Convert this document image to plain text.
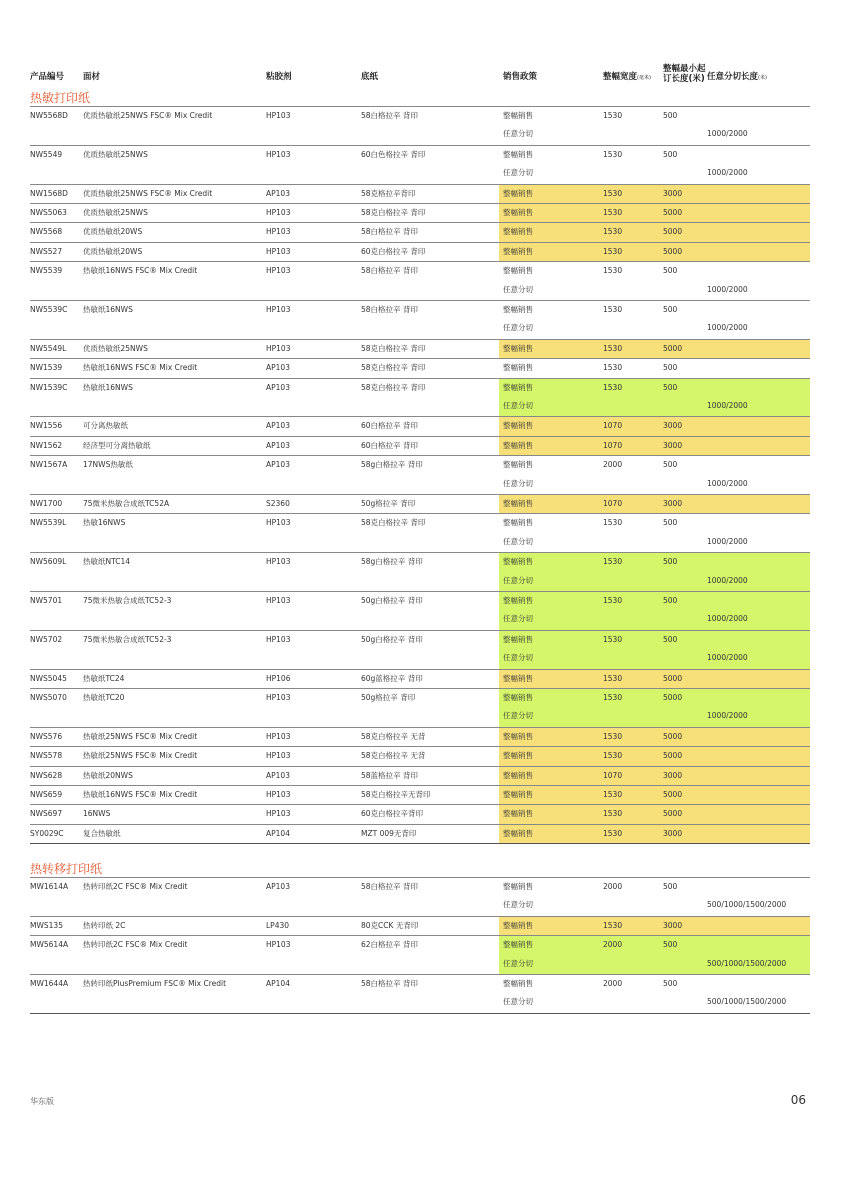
产品编号 面材	粘胶剂	底纸	销售政策	整幅宽度(毫米)
整幅最小起
订长度(米) 任意分切长度(米)
热敏打印纸
NW5568D 优质热敏纸25NWS FSC® Mix Credit	HP103	58白格拉辛 背印	整幅销售	1530	500
任意分切	1000/2000
NW5549	优质热敏纸25NWS	HP103	60白色格拉辛 背印	整幅销售	1530	500
任意分切	1000/2000
NW1568D 优质热敏纸25NWS FSC® Mix Credit	AP103	58克格拉辛背印	整幅销售	1530	3000
NWS5063 优质热敏纸25NWS	HP103	58克白格拉辛 背印	整幅销售	1530	5000
NW5568	优质热敏纸20WS	HP103	58白格拉辛 背印	整幅销售	1530	5000
NWS527	优质热敏纸20WS	HP103	60克白格拉辛 背印	整幅销售	1530	5000
NW5539	热敏纸16NWS FSC® Mix Credit	HP103	58白格拉辛 背印	整幅销售	1530	500
任意分切	1000/2000
NW5539C 热敏纸16NWS	HP103	58白格拉辛 背印	整幅销售	1530	500
任意分切	1000/2000
NW5549L 优质热敏纸25NWS	HP103	58克白格拉辛 背印	整幅销售	1530	5000
NW1539	热敏纸16NWS FSC® Mix Credit	AP103	58克白格拉辛 背印	整幅销售	1530	500
NW1539C 热敏纸16NWS	AP103	58克白格拉辛 背印	整幅销售	1530	500
任意分切	1000/2000
NW1556	可分离热敏纸	AP103	60白格拉辛 背印	整幅销售	1070	3000
NW1562	经济型可分离热敏纸	AP103	60白格拉辛 背印	整幅销售	1070	3000
NW1567A 17NWS热敏纸	AP103	58g白格拉辛 背印	整幅销售	2000	500
任意分切	1000/2000
NW1700	75微米热敏合成纸TC52A	S2360	50g格拉辛 背印	整幅销售	1070	3000
NW5539L 热敏16NWS	HP103	58克白格拉辛 背印	整幅销售	1530	500
任意分切	1000/2000
NW5609L 热敏纸NTC14	HP103	58g白格拉辛 背印	整幅销售	1530	500
任意分切	1000/2000
NW5701	75微米热敏合成纸TC52-3	HP103	50g白格拉辛 背印	整幅销售	1530	500
任意分切	1000/2000
NW5702	75微米热敏合成纸TC52-3	HP103	50g白格拉辛 背印	整幅销售	1530	500
任意分切	1000/2000
NWS5045 热敏纸TC24	HP106	60g蓝格拉辛 背印	整幅销售	1530	5000
NWS5070 热敏纸TC20	HP103	50g格拉辛 背印	整幅销售	1530	5000
任意分切	1000/2000
NWS576	热敏纸25NWS FSC® Mix Credit	HP103	58克白格拉辛 无背	整幅销售	1530	5000
NWS578	热敏纸25NWS FSC® Mix Credit	HP103	58克白格拉辛 无背	整幅销售	1530	5000
NWS628	热敏纸20NWS	AP103	58蓝格拉辛 背印	整幅销售	1070	3000
NWS659	热敏纸16NWS FSC® Mix Credit	HP103	58克白格拉辛无背印	整幅销售	1530	5000
NWS697	16NWS	HP103	60克白格拉辛背印	整幅销售	1530	5000
SY0029C	复合热敏纸	AP104	MZT 009无背印	整幅销售	1530	3000
热转移打印纸
MW1614A 热转印纸2C FSC® Mix Credit	AP103	58白格拉辛 背印	整幅销售	2000	500
任意分切	500/1000/1500/2000
MWS135	热转印纸 2C	LP430	80克CCK 无背印	整幅销售	1530	3000
MW5614A 热转印纸2C FSC® Mix Credit	HP103	62白格拉辛 背印	整幅销售	2000	500
任意分切	500/1000/1500/2000
MW1644A 热转印纸PlusPremium FSC® Mix Credit	AP104	58白格拉辛 背印	整幅销售	2000	500
任意分切	500/1000/1500/2000
华东版	06
